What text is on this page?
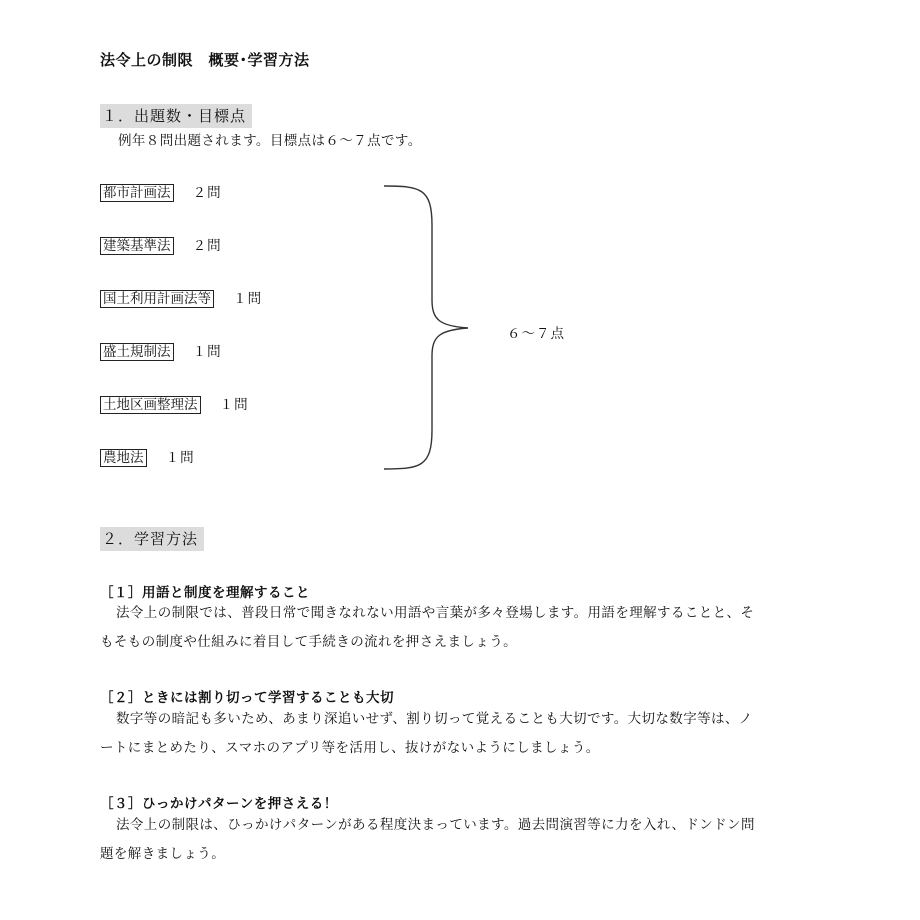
法令上の制限　概要･学習方法
１．出題数・目標点
例年８問出題されます。目標点は６～７点です。
都市計画法 ２問
建築基準法 ２問
国土利用計画法等 １問
盛土規制法 １問
土地区画整理法 １問
農地法 １問
６～７点
２．学習方法
［１］用語と制度を理解すること
法令上の制限では、普段日常で聞きなれない用語や言葉が多々登場します。用語を理解することと、そ
もそもの制度や仕組みに着目して手続きの流れを押さえましょう。
［２］ときには割り切って学習することも大切
数字等の暗記も多いため、あまり深追いせず、割り切って覚えることも大切です。大切な数字等は、ノ
ートにまとめたり、スマホのアプリ等を活用し、抜けがないようにしましょう。
［３］ひっかけパターンを押さえる！
法令上の制限は、ひっかけパターンがある程度決まっています。過去問演習等に力を入れ、ドンドン問
題を解きましょう。
